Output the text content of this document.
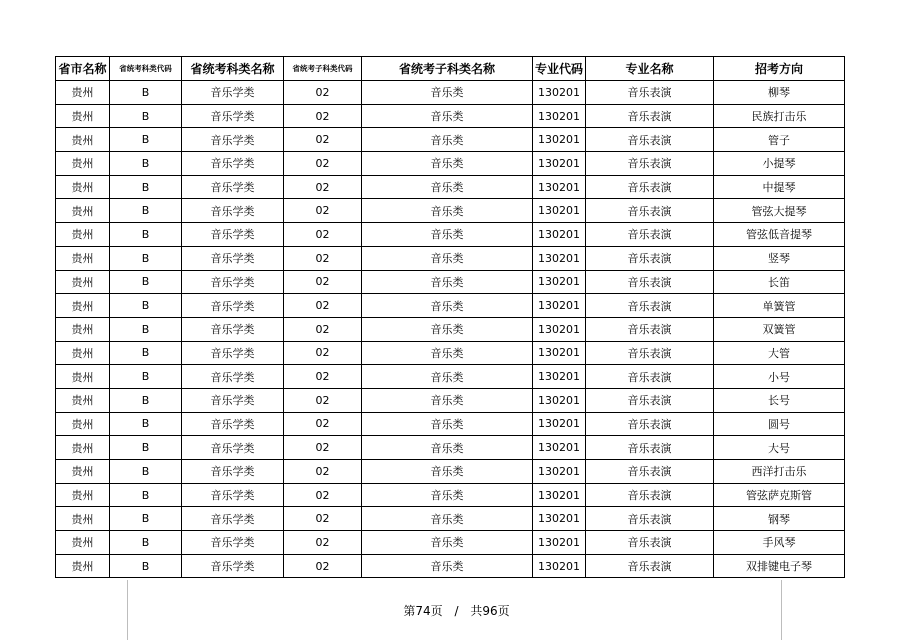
省市名称	省统考科类代码	省统考科类名称	省统考子科类代码	省统考子科类名称	专业代码	专业名称	招考方向
贵州	B	音乐学类	02	音乐类	130201	音乐表演	柳琴
贵州	B	音乐学类	02	音乐类	130201	音乐表演	民族打击乐
贵州	B	音乐学类	02	音乐类	130201	音乐表演	管子
贵州	B	音乐学类	02	音乐类	130201	音乐表演	小提琴
贵州	B	音乐学类	02	音乐类	130201	音乐表演	中提琴
贵州	B	音乐学类	02	音乐类	130201	音乐表演	管弦大提琴
贵州	B	音乐学类	02	音乐类	130201	音乐表演	管弦低音提琴
贵州	B	音乐学类	02	音乐类	130201	音乐表演	竖琴
贵州	B	音乐学类	02	音乐类	130201	音乐表演	长笛
贵州	B	音乐学类	02	音乐类	130201	音乐表演	单簧管
贵州	B	音乐学类	02	音乐类	130201	音乐表演	双簧管
贵州	B	音乐学类	02	音乐类	130201	音乐表演	大管
贵州	B	音乐学类	02	音乐类	130201	音乐表演	小号
贵州	B	音乐学类	02	音乐类	130201	音乐表演	长号
贵州	B	音乐学类	02	音乐类	130201	音乐表演	圆号
贵州	B	音乐学类	02	音乐类	130201	音乐表演	大号
贵州	B	音乐学类	02	音乐类	130201	音乐表演	西洋打击乐
贵州	B	音乐学类	02	音乐类	130201	音乐表演	管弦萨克斯管
贵州	B	音乐学类	02	音乐类	130201	音乐表演	钢琴
贵州	B	音乐学类	02	音乐类	130201	音乐表演	手风琴
贵州	B	音乐学类	02	音乐类	130201	音乐表演	双排键电子琴
第74页 / 共96页
